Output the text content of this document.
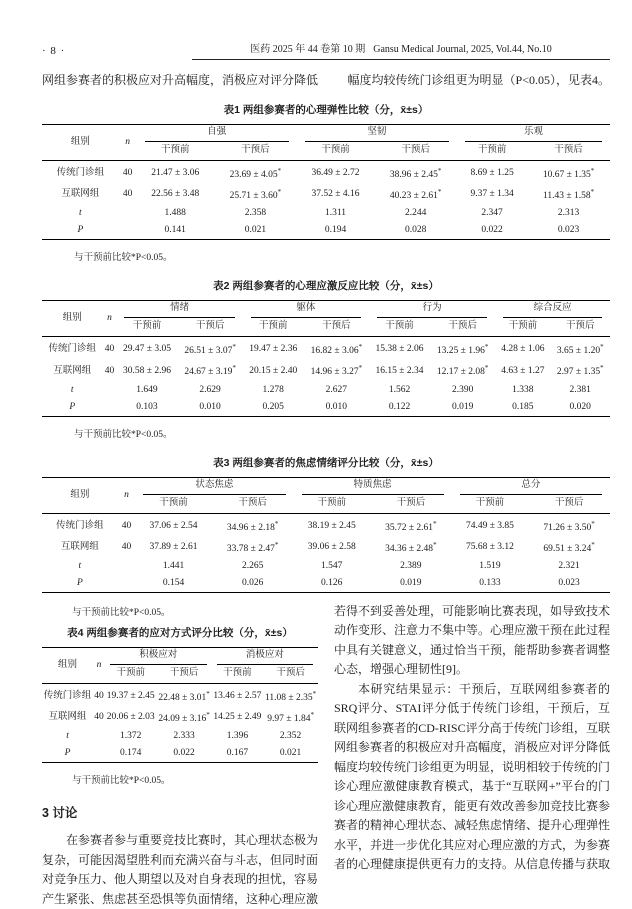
· 8 ·	医药 2025 年 44 卷第 10 期 Gansu Medical Journal, 2025, Vol.44, No.10
网组参赛者的积极应对升高幅度，消极应对评分降低 幅度均较传统门诊组更为明显（P<0.05），见表4。

表1 两组参赛者的心理弹性比较（分，x̄±s）

组别	n	自强		坚韧		乐观	

		干预前	干预后	干预前	干预后	干预前	干预后
传统门诊组	40	21.47 ± 3.06	23.69 ± 4.05*	36.49 ± 2.72	38.96 ± 2.45*	8.69 ± 1.25	10.67 ± 1.35*
互联网组	40	22.56 ± 3.48	25.71 ± 3.60*	37.52 ± 4.16	40.23 ± 2.61*	9.37 ± 1.34	11.43 ± 1.58*
t		1.488	2.358	1.311	2.244	2.347	2.313
P		0.141	0.021	0.194	0.028	0.022	0.023

与干预前比较*P<0.05。

表2 两组参赛者的心理应激反应比较（分，x̄±s）

组别	n	情绪		躯体		行为		综合反应	

		干预前	干预后	干预前	干预后	干预前	干预后	干预前	干预后
传统门诊组	40	29.47 ± 3.05	26.51 ± 3.07*	19.47 ± 2.36	16.82 ± 3.06*	15.38 ± 2.06	13.25 ± 1.96*	4.28 ± 1.06	3.65 ± 1.20*
互联网组	40	30.58 ± 2.96	24.67 ± 3.19*	20.15 ± 2.40	14.96 ± 3.27*	16.15 ± 2.34	12.17 ± 2.08*	4.63 ± 1.27	2.97 ± 1.35*
t		1.649	2.629	1.278	2.627	1.562	2.390	1.338	2.381
P		0.103	0.010	0.205	0.010	0.122	0.019	0.185	0.020

与干预前比较*P<0.05。

表3 两组参赛者的焦虑情绪评分比较（分，x̄±s）

组别	n	状态焦虑		特质焦虑		总分	

		干预前	干预后	干预前	干预后	干预前	干预后
传统门诊组	40	37.06 ± 2.54	34.96 ± 2.18*	38.19 ± 2.45	35.72 ± 2.61*	74.49 ± 3.85	71.26 ± 3.50*
互联网组	40	37.89 ± 2.61	33.78 ± 2.47*	39.06 ± 2.58	34.36 ± 2.48*	75.68 ± 3.12	69.51 ± 3.24*
t		1.441	2.265	1.547	2.389	1.519	2.321
P		0.154	0.026	0.126	0.019	0.133	0.023

与干预前比较*P<0.05。

表4 两组参赛者的应对方式评分比较（分，x̄±s）

组别	n	积极应对		消极应对	

		干预前	干预后	干预前	干预后
传统门诊组	40	19.37 ± 2.45	22.48 ± 3.01*	13.46 ± 2.57	11.08 ± 2.35*
互联网组	40	20.06 ± 2.03	24.09 ± 3.16*	14.25 ± 2.49	9.97 ± 1.84*
t		1.372	2.333	1.396	2.352
P		0.174	0.022	0.167	0.021

与干预前比较*P<0.05。

3 讨论

在参赛者参与重要竞技比赛时，其心理状态极为复杂，可能因渴望胜利而充满兴奋与斗志，但同时面对竞争压力、他人期望以及对自身表现的担忧，容易产生紧张、焦虑甚至恐惧等负面情绪，这种心理应激

若得不到妥善处理，可能影响比赛表现，如导致技术动作变形、注意力不集中等。心理应激干预在此过程中具有关键意义，通过恰当干预，能帮助参赛者调整心态，增强心理韧性[9]。

本研究结果显示：干预后，互联网组参赛者的SRQ评分、STAI评分低于传统门诊组，干预后，互联网组参赛者的CD-RISC评分高于传统门诊组，互联网组参赛者的积极应对升高幅度，消极应对评分降低幅度均较传统门诊组更为明显，说明相较于传统的门诊心理应激健康教育模式，基于“互联网+”平台的门诊心理应激健康教育，能更有效改善参加竞技比赛参赛者的精神心理状态、减轻焦虑情绪、提升心理弹性水平，并进一步优化其应对心理应激的方式，为参赛者的心理健康提供更有力的支持。从信息传播与获取
